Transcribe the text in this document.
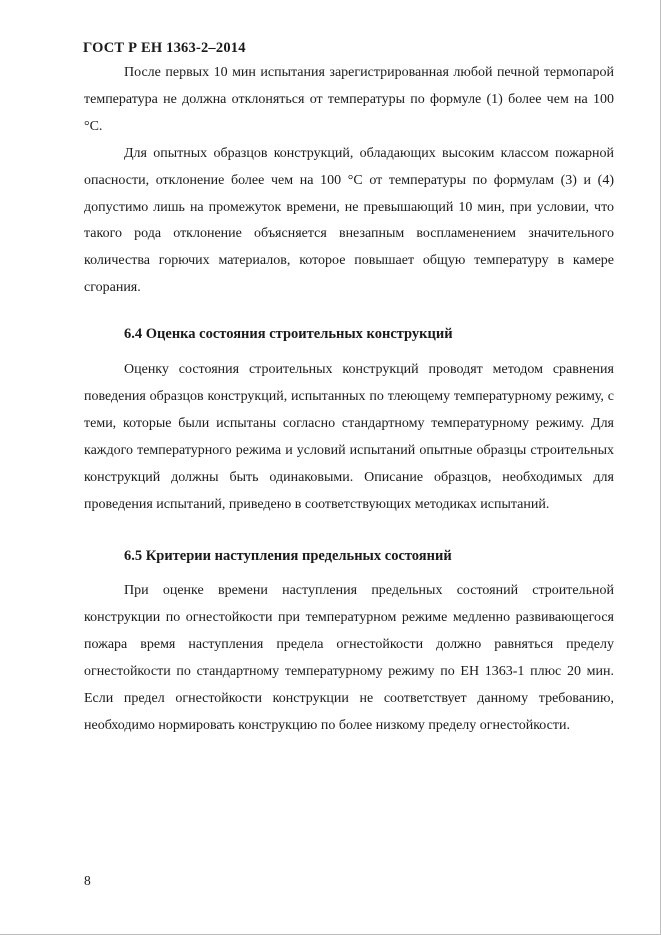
ГОСТ Р ЕН 1363-2–2014

После первых 10 мин испытания зарегистрированная любой печной термопарой температура не должна отклоняться от температуры по формуле (1) более чем на 100 °С.

Для опытных образцов конструкций, обладающих высоким классом пожарной опасности, отклонение более чем на 100 °С от температуры по формулам (3) и (4) допустимо лишь на промежуток времени, не превышающий 10 мин, при условии, что такого рода отклонение объясняется внезапным воспламенением значительного количества горючих материалов, которое повышает общую температуру в камере сгорания.

6.4 Оценка состояния строительных конструкций

Оценку состояния строительных конструкций проводят методом сравнения поведения образцов конструкций, испытанных по тлеющему температурному режиму, с теми, которые были испытаны согласно стандартному температурному режиму. Для каждого температурного режима и условий испытаний опытные образцы строительных конструкций должны быть одинаковыми. Описание образцов, необходимых для проведения испытаний, приведено в соответствующих методиках испытаний.

6.5 Критерии наступления предельных состояний

При оценке времени наступления предельных состояний строительной конструкции по огнестойкости при температурном режиме медленно развивающегося пожара время наступления предела огнестойкости должно равняться пределу огнестойкости по стандартному температурному режиму по ЕН 1363-1 плюс 20 мин. Если предел огнестойкости конструкции не соответствует данному требованию, необходимо нормировать конструкцию по более низкому пределу огнестойкости.

8
